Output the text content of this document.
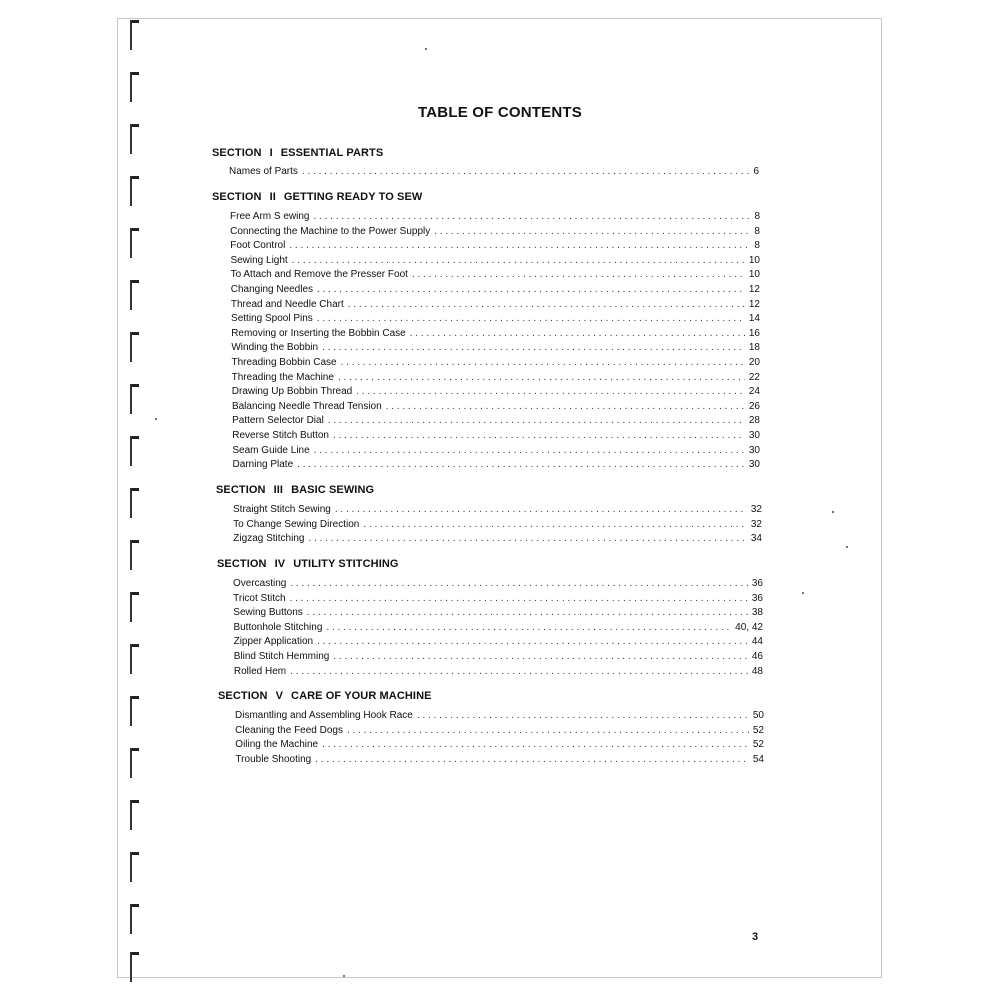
TABLE OF CONTENTS
SECTION I ESSENTIAL PARTS
Names of Parts . . .	6
SECTION II GETTING READY TO SEW
Free Arm S ewing . . .	8
Connecting the Machine to the Power Supply . . .	8
Foot Control . . .	8
Sewing Light . . .	10
To Attach and Remove the Presser Foot . . .	10
Changing Needles . . .	12
Thread and Needle Chart . . .	12
Setting Spool Pins . . .	14
Removing or Inserting the Bobbin Case . . .	16
Winding the Bobbin . . .	18
Threading Bobbin Case . . .	20
Threading the Machine . . .	22
Drawing Up Bobbin Thread . . .	24
Balancing Needle Thread Tension . . .	26
Pattern Selector Dial . . .	28
Reverse Stitch Button . . .	30
Seam Guide Line . . .	30
Darning Plate . . .	30
SECTION III BASIC SEWING
Straight Stitch Sewing . . .	32
To Change Sewing Direction . . .	32
Zigzag Stitching . . .	34
SECTION IV UTILITY STITCHING
Overcasting . . .	36
Tricot Stitch . . .	36
Sewing Buttons . . .	38
Buttonhole Stitching . . .	40, 42
Zipper Application . . .	44
Blind Stitch Hemming . . .	46
Rolled Hem . . .	48
SECTION V CARE OF YOUR MACHINE
Dismantling and Assembling Hook Race . . .	50
Cleaning the Feed Dogs . . .	52
Oiling the Machine . . .	52
Trouble Shooting . . .	54
3
